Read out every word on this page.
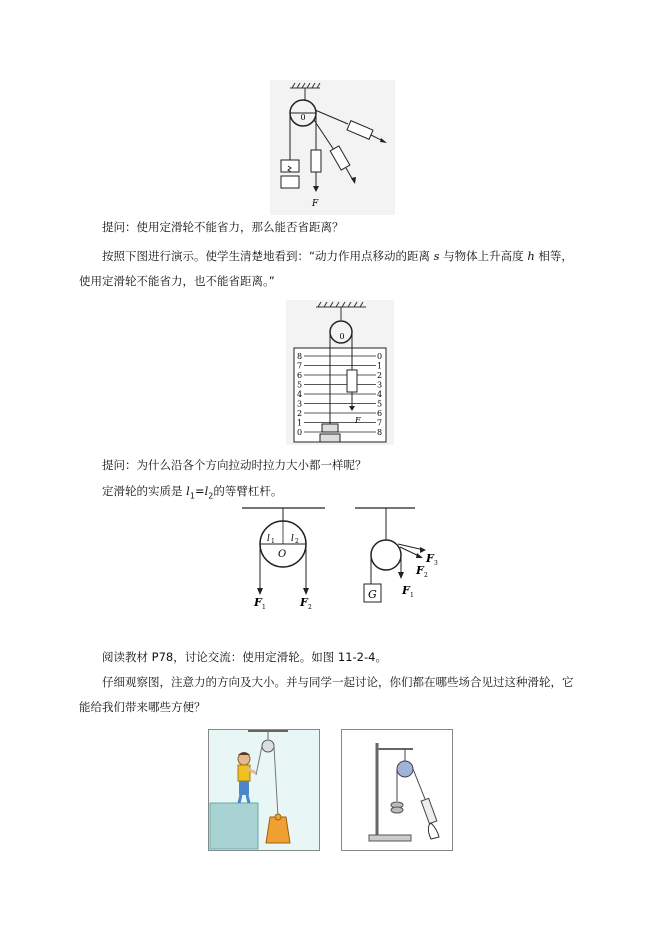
0
F
提问：使用定滑轮不能省力，那么能否省距离？
按照下图进行演示。使学生清楚地看到：“动力作用点移动的距离 s 与物体上升高度 h 相等，
使用定滑轮不能省力，也不能省距离。”
0
8
7
6
5
4
3
2
1
0
0
1
2
3
4
5
6
7
8
F
提问：为什么沿各个方向拉动时拉力大小都一样呢？
定滑轮的实质是 $l_1=l_2$的等臂杠杆。
l 1 l 2
O
F 1	F 2
G F 1
F 2
F 3
阅读教材 P78，讨论交流：使用定滑轮。如图 11-2-4。
仔细观察图，注意力的方向及大小。并与同学一起讨论，你们都在哪些场合见过这种滑轮，它
能给我们带来哪些方便？
